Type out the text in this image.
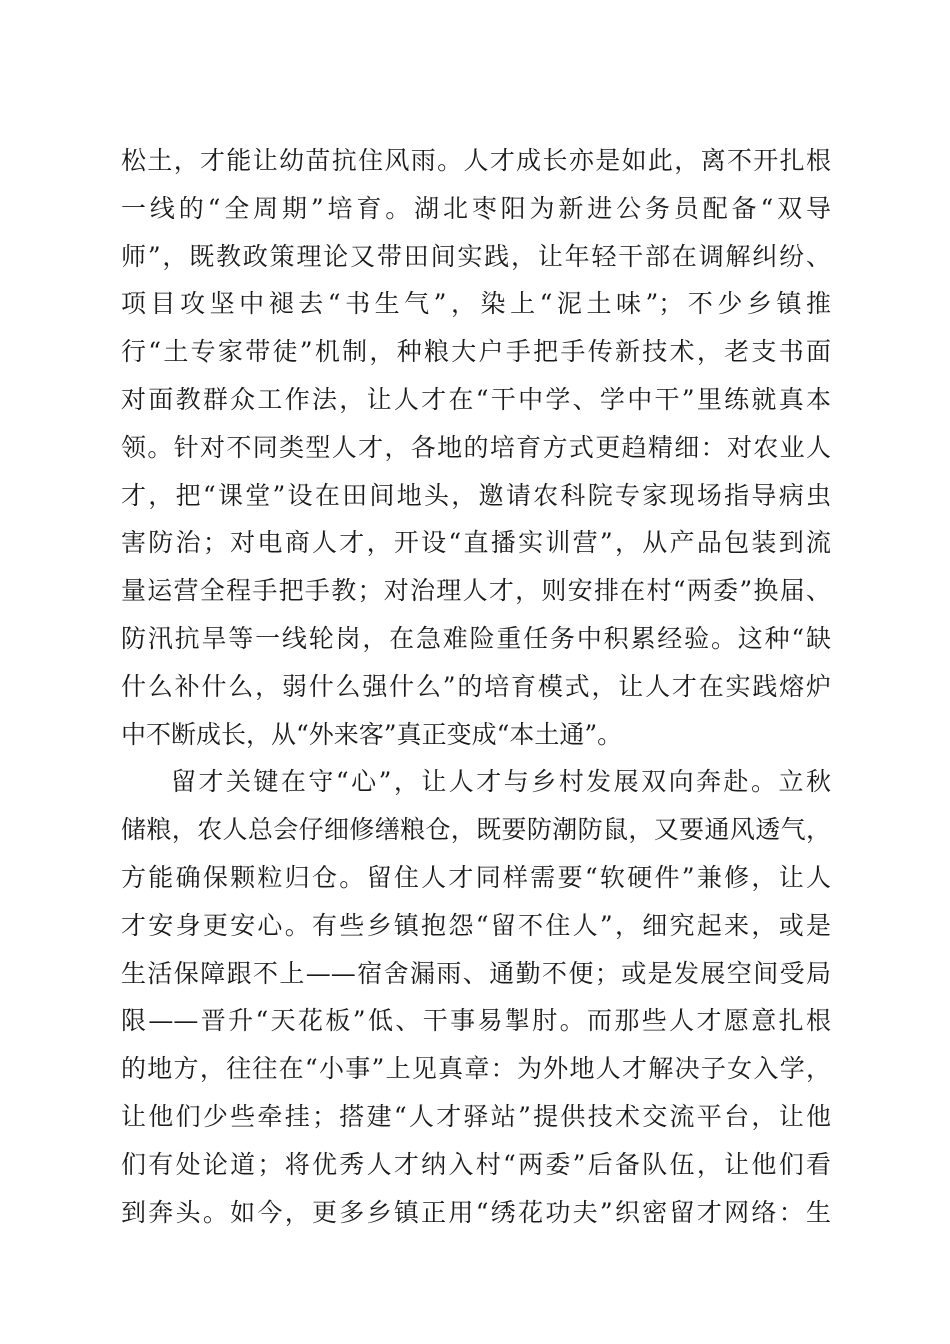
松土，才能让幼苗抗住风雨。人才成长亦是如此，离不开扎根
一线的“全周期”培育。湖北枣阳为新进公务员配备“双导
师”，既教政策理论又带田间实践，让年轻干部在调解纠纷、
项目攻坚中褪去“书生气”，染上“泥土味”；不少乡镇推
行“土专家带徒”机制，种粮大户手把手传新技术，老支书面
对面教群众工作法，让人才在“干中学、学中干”里练就真本
领。针对不同类型人才，各地的培育方式更趋精细：对农业人
才，把“课堂”设在田间地头，邀请农科院专家现场指导病虫
害防治；对电商人才，开设“直播实训营”，从产品包装到流
量运营全程手把手教；对治理人才，则安排在村“两委”换届、
防汛抗旱等一线轮岗，在急难险重任务中积累经验。这种“缺
什么补什么，弱什么强什么”的培育模式，让人才在实践熔炉
中不断成长，从“外来客”真正变成“本土通”。
留才关键在守“心”，让人才与乡村发展双向奔赴。立秋
储粮，农人总会仔细修缮粮仓，既要防潮防鼠，又要通风透气，
方能确保颗粒归仓。留住人才同样需要“软硬件”兼修，让人
才安身更安心。有些乡镇抱怨“留不住人”，细究起来，或是
生活保障跟不上——宿舍漏雨、通勤不便；或是发展空间受局
限——晋升“天花板”低、干事易掣肘。而那些人才愿意扎根
的地方，往往在“小事”上见真章：为外地人才解决子女入学，
让他们少些牵挂；搭建“人才驿站”提供技术交流平台，让他
们有处论道；将优秀人才纳入村“两委”后备队伍，让他们看
到奔头。如今，更多乡镇正用“绣花功夫”织密留才网络：生
